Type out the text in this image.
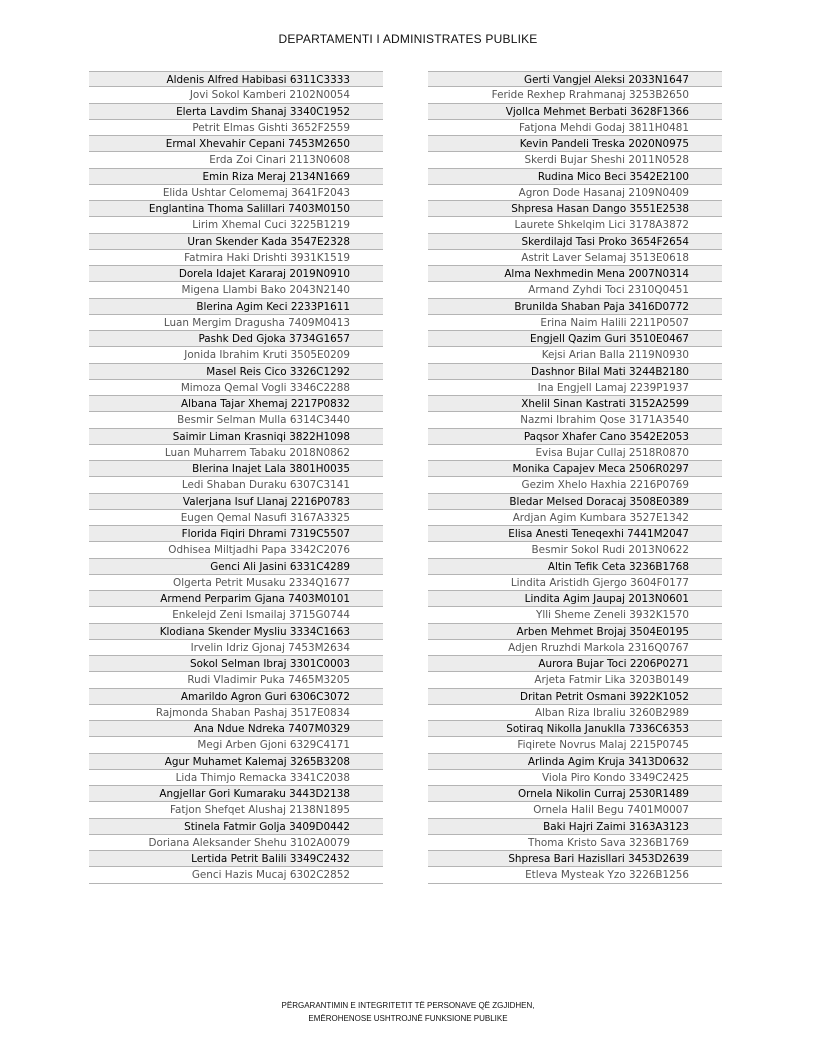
DEPARTAMENTI I ADMINISTRATES PUBLIKE
Aldenis Alfred Habibasi 6311C3333
Jovi Sokol Kamberi 2102N0054
Elerta Lavdim Shanaj 3340C1952
Petrit Elmas Gishti 3652F2559
Ermal Xhevahir Cepani 7453M2650
Erda Zoi Cinari 2113N0608
Emin Riza Meraj 2134N1669
Elida Ushtar Celomemaj 3641F2043
Englantina Thoma Salillari 7403M0150
Lirim Xhemal Cuci 3225B1219
Uran Skender Kada 3547E2328
Fatmira Haki Drishti 3931K1519
Dorela Idajet Kararaj 2019N0910
Migena Llambi Bako 2043N2140
Blerina Agim Keci 2233P1611
Luan Mergim Dragusha 7409M0413
Pashk Ded Gjoka 3734G1657
Jonida Ibrahim Kruti 3505E0209
Masel Reis Cico 3326C1292
Mimoza Qemal Vogli 3346C2288
Albana Tajar Xhemaj 2217P0832
Besmir Selman Mulla 6314C3440
Saimir Liman Krasniqi 3822H1098
Luan Muharrem Tabaku 2018N0862
Blerina Inajet Lala 3801H0035
Ledi Shaban Duraku 6307C3141
Valerjana Isuf Llanaj 2216P0783
Eugen Qemal Nasufi 3167A3325
Florida Fiqiri Dhrami 7319C5507
Odhisea Miltjadhi Papa 3342C2076
Genci Ali Jasini 6331C4289
Olgerta Petrit Musaku 2334Q1677
Armend Perparim Gjana 7403M0101
Enkelejd Zeni Ismailaj 3715G0744
Klodiana Skender Mysliu 3334C1663
Irvelin Idriz Gjonaj 7453M2634
Sokol Selman Ibraj 3301C0003
Rudi Vladimir Puka 7465M3205
Amarildo Agron Guri 6306C3072
Rajmonda Shaban Pashaj 3517E0834
Ana Ndue Ndreka 7407M0329
Megi Arben Gjoni 6329C4171
Agur Muhamet Kalemaj 3265B3208
Lida Thimjo Remacka 3341C2038
Angjellar Gori Kumaraku 3443D2138
Fatjon Shefqet Alushaj 2138N1895
Stinela Fatmir Golja 3409D0442
Doriana Aleksander Shehu 3102A0079
Lertida Petrit Balili 3349C2432
Genci Hazis Mucaj 6302C2852
Gerti Vangjel Aleksi 2033N1647
Feride Rexhep Rrahmanaj 3253B2650
Vjollca Mehmet Berbati 3628F1366
Fatjona Mehdi Godaj 3811H0481
Kevin Pandeli Treska 2020N0975
Skerdi Bujar Sheshi 2011N0528
Rudina Mico Beci 3542E2100
Agron Dode Hasanaj 2109N0409
Shpresa Hasan Dango 3551E2538
Laurete Shkelqim Lici 3178A3872
Skerdilajd Tasi Proko 3654F2654
Astrit Laver Selamaj 3513E0618
Alma Nexhmedin Mena 2007N0314
Armand Zyhdi Toci 2310Q0451
Brunilda Shaban Paja 3416D0772
Erina Naim Halili 2211P0507
Engjell Qazim Guri 3510E0467
Kejsi Arian Balla 2119N0930
Dashnor Bilal Mati 3244B2180
Ina Engjell Lamaj 2239P1937
Xhelil Sinan Kastrati 3152A2599
Nazmi Ibrahim Qose 3171A3540
Paqsor Xhafer Cano 3542E2053
Evisa Bujar Cullaj 2518R0870
Monika Capajev Meca 2506R0297
Gezim Xhelo Haxhia 2216P0769
Bledar Melsed Doracaj 3508E0389
Ardjan Agim Kumbara 3527E1342
Elisa Anesti Teneqexhi 7441M2047
Besmir Sokol Rudi 2013N0622
Altin Tefik Ceta 3236B1768
Lindita Aristidh Gjergo 3604F0177
Lindita Agim Jaupaj 2013N0601
Ylli Sheme Zeneli 3932K1570
Arben Mehmet Brojaj 3504E0195
Adjen Rruzhdi Markola 2316Q0767
Aurora Bujar Toci 2206P0271
Arjeta Fatmir Lika 3203B0149
Dritan Petrit Osmani 3922K1052
Alban Riza Ibraliu 3260B2989
Sotiraq Nikolla Januklla 7336C6353
Fiqirete Novrus Malaj 2215P0745
Arlinda Agim Kruja 3413D0632
Viola Piro Kondo 3349C2425
Ornela Nikolin Curraj 2530R1489
Ornela Halil Begu 7401M0007
Baki Hajri Zaimi 3163A3123
Thoma Kristo Sava 3236B1769
Shpresa Bari Hazisllari 3453D2639
Etleva Mysteak Yzo 3226B1256
PËRGARANTIMIN E INTEGRITETIT TË PERSONAVE QË ZGJIDHEN,
EMËROHENOSE USHTROJNË FUNKSIONE PUBLIKE
